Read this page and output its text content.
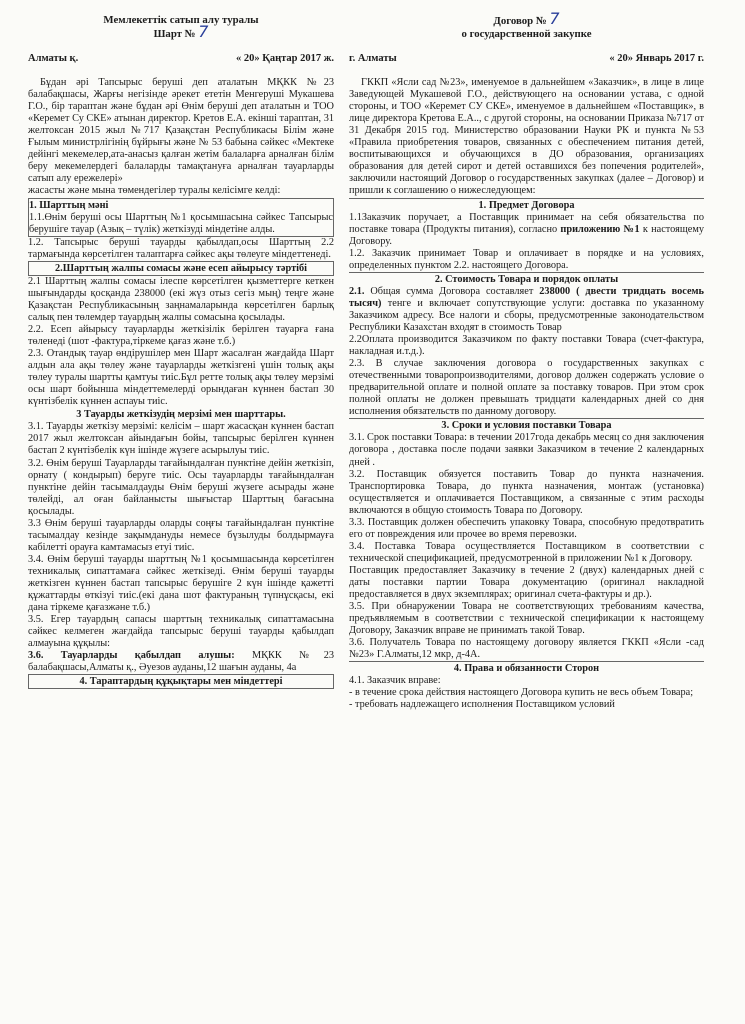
Мемлекеттік сатып алу туралы
Шарт № 7
Алматы қ.	« 20» Қаңтар 2017 ж.

Бұдан әрі Тапсырыс беруші деп аталатын МҚКК №23 балабақшасы, Жарғы негізінде әрекет ететін Менгерушi Мукашева Г.О., бір тараптан және бұдан әрі Өнім беруші деп аталатын и ТОО «Керемет Су СКЕ» атынан директор. Кретов Е.А. екінші тараптан, 31 желтоксан 2015 жыл №717 Қазақстан Республикасы Білім және Ғылым министрлігінің бұйрығы және № 53 бабына сәйкес «Мектеке дейінгі мекемелер,ата-анасыз қалған жетім балаларға арналған білім беру мекемелердегі балаларды тамақтануға арналған тауарларды сатып алу ережелері»

жасасты және мына төмендегілер туралы келісімге келді:

1. Шарттың мәні

1.1.Өнім беруші осы Шарттың №1 қосымшасына сәйкес Тапсырыс берушіге тауар (Азық – түлік) жеткізуді міндетіне алды.

1.2. Тапсырыс беруші тауарды қабылдап,осы Шарттың 2.2 тармағында көрсетілген талаптарға сәйкес ақы төлеуге міндеттенеді.

2.Шарттың жалпы сомасы және есеп айырысу тәртібі

2.1 Шарттың жалпы сомасы ілеспе көрсетілген қызметтерге кеткен шығындарды қосқанда 238000 (екі жүз отыз сегіз мың) теңге және Қазақстан Республикасының заңнамаларында көрсетілген барлық салық пен төлемдер тауардың жалпы сомасына қосылады.

2.2. Есеп айырысу тауарларды жеткізілік берілген тауарға ғана төленеді (шот -фактура,тіркеме қағаз және т.б.)

2.3. Отандық тауар өндірушілер мен Шарт жасалған жағдайда Шарт алдын ала ақы төлеу және тауарларды жеткізгені үшін толық ақы төлеу туралы шартты қамтуы тиіс.Бұл ретте толық ақы төлеу мерзімі осы шарт бойынша міндеттемелерді орындаған күннен бастап 30 күнтізбелік күннен аспауы тиіс.

3 Тауарды жеткізудің мерзімі мен шарттары.

3.1. Тауарды жеткізу мерзімі: келісім – шарт жасасқан күннен бастап 2017 жыл желтоксан айындағын бойы, тапсырыс берілген күннен бастап 2 күнтізбелік күн ішінде жүзеге асырылуы тиіс.

3.2. Өнім беруші Тауарларды тағайындалған пунктіне дейін жеткізіп, орнату ( кондырып) беруге тиіс. Осы тауарларды тағайындалған пунктіне дейін тасымалдауды Өнім беруші жүзеге асырады және төлейді, ал оған байланысты шығыстар Шарттың бағасына қосылады.

3.3 Өнім беруші тауарларды оларды соңғы тағайындалған пунктіне тасымалдау кезінде зақымдануды немесе бүзылуды болдырмауға кабілетті орауға камтамасыз етуі тиіс.

3.4. Өнім беруші тауарды шарттың №1 қосымшасында көрсетілген техникалық сипаттамаға сәйкес жеткізеді. Өнім беруші тауарды жеткізген күннен бастап тапсырыс берушіге 2 күн ішінде қажетті құжаттарды өткізуі тиіс.(екі дана шот фактураның түпнұсқасы, екі дана тіркеме қағазжәне т.б.)

3.5. Егер тауардың сапасы шарттың техникалық сипаттамасына сәйкес келмеген жағдайда тапсырыс беруші тауарды қабылдап алмауына құқылы:

3.6. Тауарларды қабылдап алушы: МҚКК №23 балабақшасы,Алматы қ., Әуезов ауданы,12 шағын ауданы, 4а

4. Тараптардың құқықтары мен міндеттері

Договор № 7
о государственной закупке
г. Алматы	« 20» Январь 2017 г.

ГККП «Ясли сад №23», именуемое в дальнейшем «Заказчик», в лице в лице Заведующей Мукашевой Г.О., действующего на основании устава, с одной стороны, и ТОО «Керемет СУ СКЕ», именуемое в дальнейшем «Поставщик», в лице директора Кретова Е.А.., с другой стороны, на основании Приказа №717 от 31 Декабря 2015 год. Министерство образовании Науки РК и пункта №53 «Правила приобретения товаров, связанных с обеспечением питания детей, воспитывающихся и обучающихся в ДО образования, организациях образования для детей сирот и детей оставшихся без попечения родителей», заключили настоящий Договор о государственных закупках (далее – Договор) и пришли к соглашению о нижеследующем:

1. Предмет Договора

1.1Заказчик поручает, а Поставщик принимает на себя обязательства по поставке товара (Продукты питания), согласно приложению №1 к настоящему Договору.

1.2. Заказчик принимает Товар и оплачивает в порядке и на условиях, определенных пунктом 2.2. настоящего Договора.

2. Стоимость Товара и порядок оплаты

2.1. Общая сумма Договора составляет 238000 ( двести тридцать восемь тысяч) тенге и включает сопутствующие услуги: доставка по указанному Заказчиком адресу. Все налоги и сборы, предусмотренные законодательством Республики Казахстан входят в стоимость Товар

2.2Оплата производится Заказчиком по факту поставки Товара (счет-фактура, накладная и.т.д.).

2.3. В случае заключения договора о государственных закупках с отечественными товаропроизводителями, договор должен содержать условие о предварительной оплате и полной оплате за поставку товаров. При этом срок полной оплаты не должен превышать тридцати календарных дней со дня исполнения обязательств по данному договору.

3. Сроки и условия поставки Товара

3.1. Срок поставки Товара: в течении 2017года декабрь месяц со дня заключения договора , доставка после подачи заявки Заказчиком в течение 2 календарных дней .

3.2. Поставщик обязуется поставить Товар до пункта назначения. Транспортировка Товара, до пункта назначения, монтаж (установка) осуществляется и оплачивается Поставщиком, а связанные с этим расходы включаются в общую стоимость Товара по Договору.

3.3. Поставщик должен обеспечить упаковку Товара, способную предотвратить его от повреждения или прочее во время перевозки.

3.4. Поставка Товара осуществляется Поставщиком в соответствии с технической спецификацией, предусмотренной в приложении №1 к Договору.

Поставщик предоставляет Заказчику в течение 2 (двух) календарных дней с даты поставки партии Товара документацию (оригинал накладной предоставляется в двух экземплярах; оригинал счета-фактуры и др.).

3.5. При обнаружении Товара не соответствующих требованиям качества, предъявляемым в соответствии с технической спецификации к настоящему Договору, Заказчик вправе не принимать такой Товар.

3.6. Получатель Товара по настоящему договору является ГККП «Ясли -сад №23» Г.Алматы,12 мкр, д-4А.

4. Права и обязанности Сторон

4.1. Заказчик вправе:

- в течение срока действия настоящего Договора купить не весь объем Товара;

- требовать надлежащего исполнения Поставщиком условий
